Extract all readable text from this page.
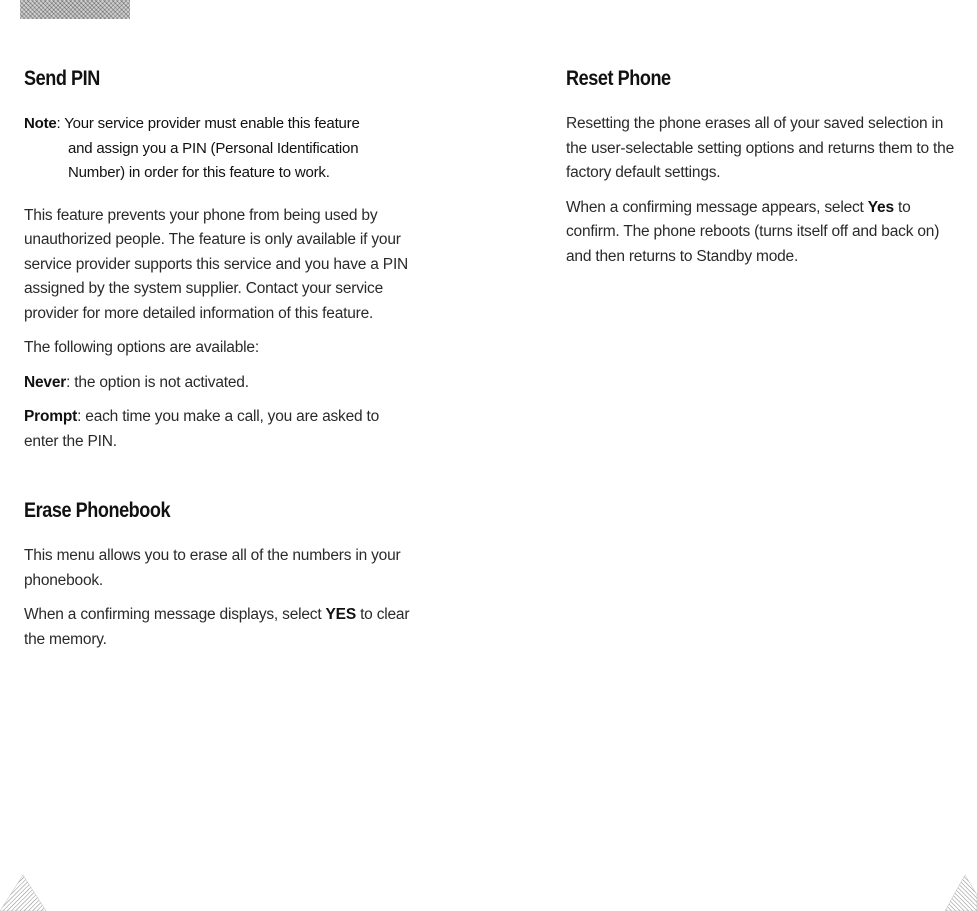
Send PIN
Note: Your service provider must enable this feature
and assign you a PIN (Personal Identification
Number) in order for this feature to work.

This feature prevents your phone from being used by unauthorized people. The feature is only available if your service provider supports this service and you have a PIN assigned by the system supplier. Contact your service provider for more detailed information of this feature.

The following options are available:

Never: the option is not activated.

Prompt: each time you make a call, you are asked to enter the PIN.

Erase Phonebook

This menu allows you to erase all of the numbers in your phonebook.

When a confirming message displays, select YES to clear the memory.

Reset Phone

Resetting the phone erases all of your saved selection in the user-selectable setting options and returns them to the factory default settings.

When a confirming message appears, select Yes to confirm. The phone reboots (turns itself off and back on) and then returns to Standby mode.
